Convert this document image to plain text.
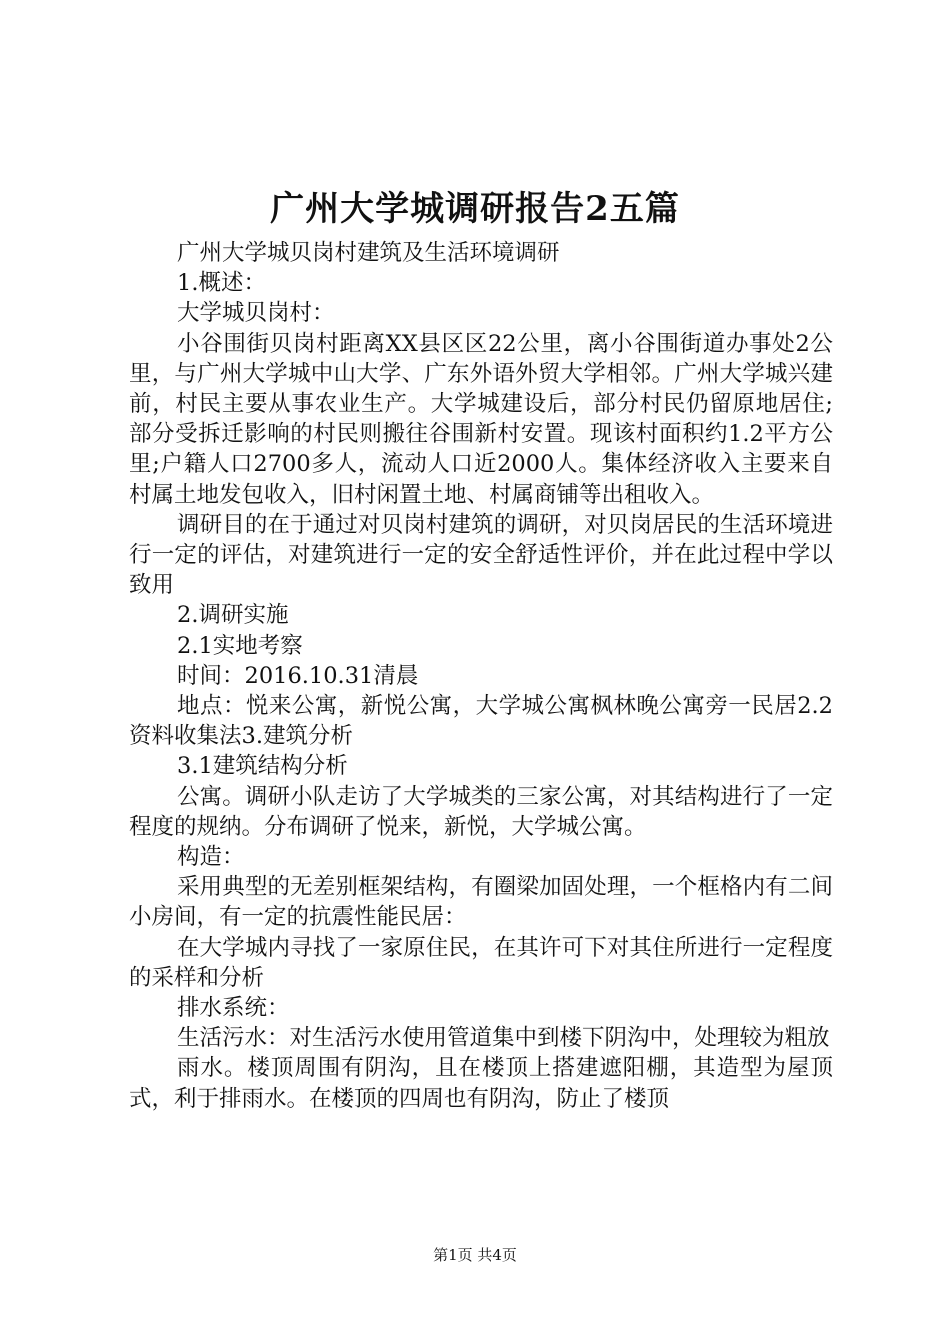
广州大学城调研报告2五篇

广州大学城贝岗村建筑及生活环境调研

1.概述：

大学城贝岗村：

小谷围街贝岗村距离XX县区区22公里，离小谷围街道办事处2公里，与广州大学城中山大学、广东外语外贸大学相邻。广州大学城兴建前，村民主要从事农业生产。大学城建设后，部分村民仍留原地居住;部分受拆迁影响的村民则搬往谷围新村安置。现该村面积约1.2平方公里;户籍人口2700多人，流动人口近2000人。集体经济收入主要来自村属土地发包收入，旧村闲置土地、村属商铺等出租收入。

调研目的在于通过对贝岗村建筑的调研，对贝岗居民的生活环境进行一定的评估，对建筑进行一定的安全舒适性评价，并在此过程中学以致用

2.调研实施

2.1实地考察

时间：2016.10.31清晨

地点：悦来公寓，新悦公寓，大学城公寓枫林晚公寓旁一民居2.2资料收集法3.建筑分析

3.1建筑结构分析

公寓。调研小队走访了大学城类的三家公寓，对其结构进行了一定程度的规纳。分布调研了悦来，新悦，大学城公寓。

构造：

采用典型的无差别框架结构，有圈梁加固处理，一个框格内有二间小房间，有一定的抗震性能民居：

在大学城内寻找了一家原住民，在其许可下对其住所进行一定程度的采样和分析

排水系统：

生活污水：对生活污水使用管道集中到楼下阴沟中，处理较为粗放

雨水。楼顶周围有阴沟，且在楼顶上搭建遮阳棚，其造型为屋顶式，利于排雨水。在楼顶的四周也有阴沟，防止了楼顶

第1页 共4页
